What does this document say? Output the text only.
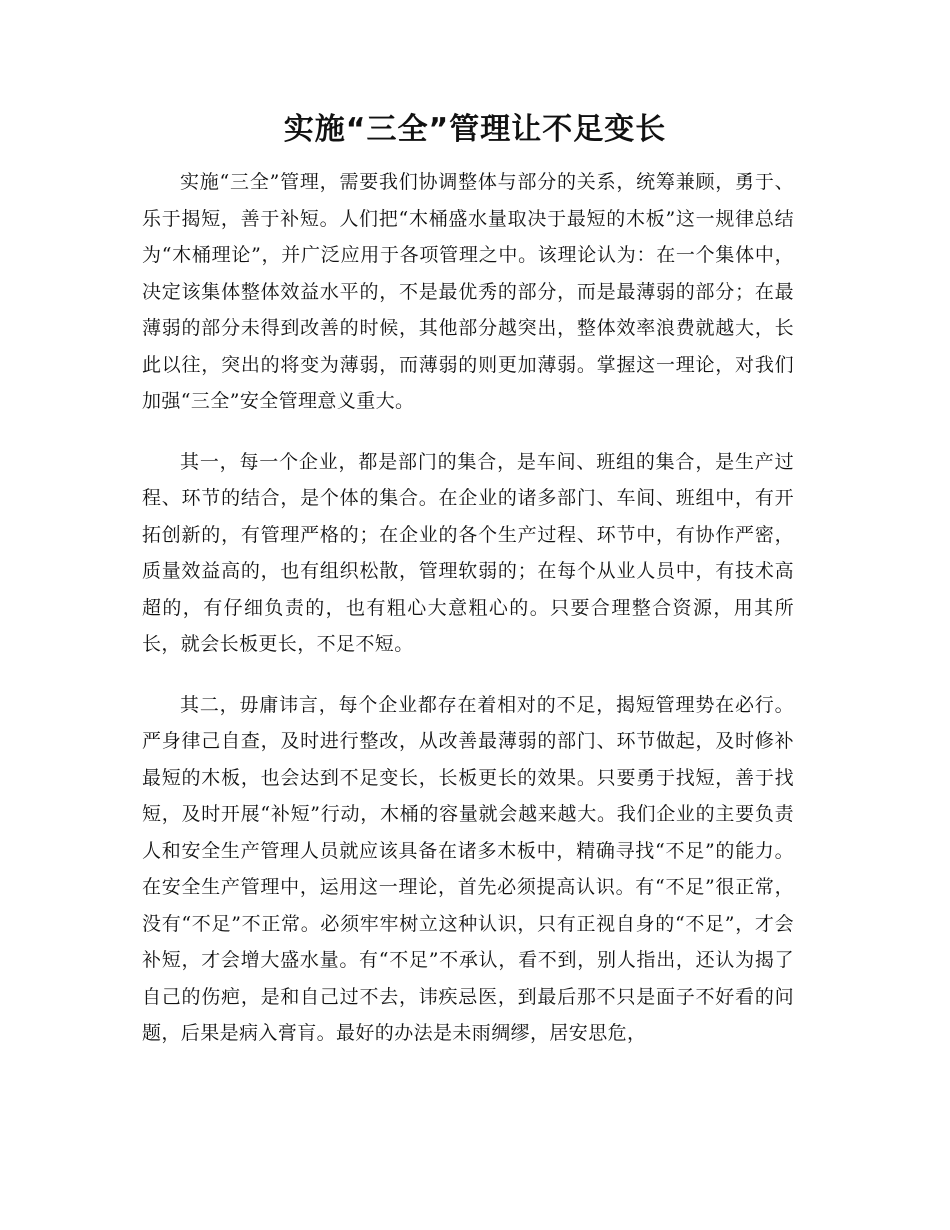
实施“三全”管理让不足变长

实施“三全”管理，需要我们协调整体与部分的关系，统筹兼顾，勇于、乐于揭短，善于补短。人们把“木桶盛水量取决于最短的木板”这一规律总结为“木桶理论”，并广泛应用于各项管理之中。该理论认为：在一个集体中，决定该集体整体效益水平的，不是最优秀的部分，而是最薄弱的部分；在最薄弱的部分未得到改善的时候，其他部分越突出，整体效率浪费就越大，长此以往，突出的将变为薄弱，而薄弱的则更加薄弱。掌握这一理论，对我们加强“三全”安全管理意义重大。

其一，每一个企业，都是部门的集合，是车间、班组的集合，是生产过程、环节的结合，是个体的集合。在企业的诸多部门、车间、班组中，有开拓创新的，有管理严格的；在企业的各个生产过程、环节中，有协作严密，质量效益高的，也有组织松散，管理软弱的；在每个从业人员中，有技术高超的，有仔细负责的，也有粗心大意粗心的。只要合理整合资源，用其所长，就会长板更长，不足不短。

其二，毋庸讳言，每个企业都存在着相对的不足，揭短管理势在必行。严身律己自查，及时进行整改，从改善最薄弱的部门、环节做起，及时修补最短的木板，也会达到不足变长，长板更长的效果。只要勇于找短，善于找短，及时开展“补短”行动，木桶的容量就会越来越大。我们企业的主要负责人和安全生产管理人员就应该具备在诸多木板中，精确寻找“不足”的能力。在安全生产管理中，运用这一理论，首先必须提高认识。有“不足”很正常，没有“不足”不正常。必须牢牢树立这种认识，只有正视自身的“不足”，才会补短，才会增大盛水量。有“不足”不承认，看不到，别人指出，还认为揭了自己的伤疤，是和自己过不去，讳疾忌医，到最后那不只是面子不好看的问题，后果是病入膏肓。最好的办法是未雨绸缪，居安思危，
